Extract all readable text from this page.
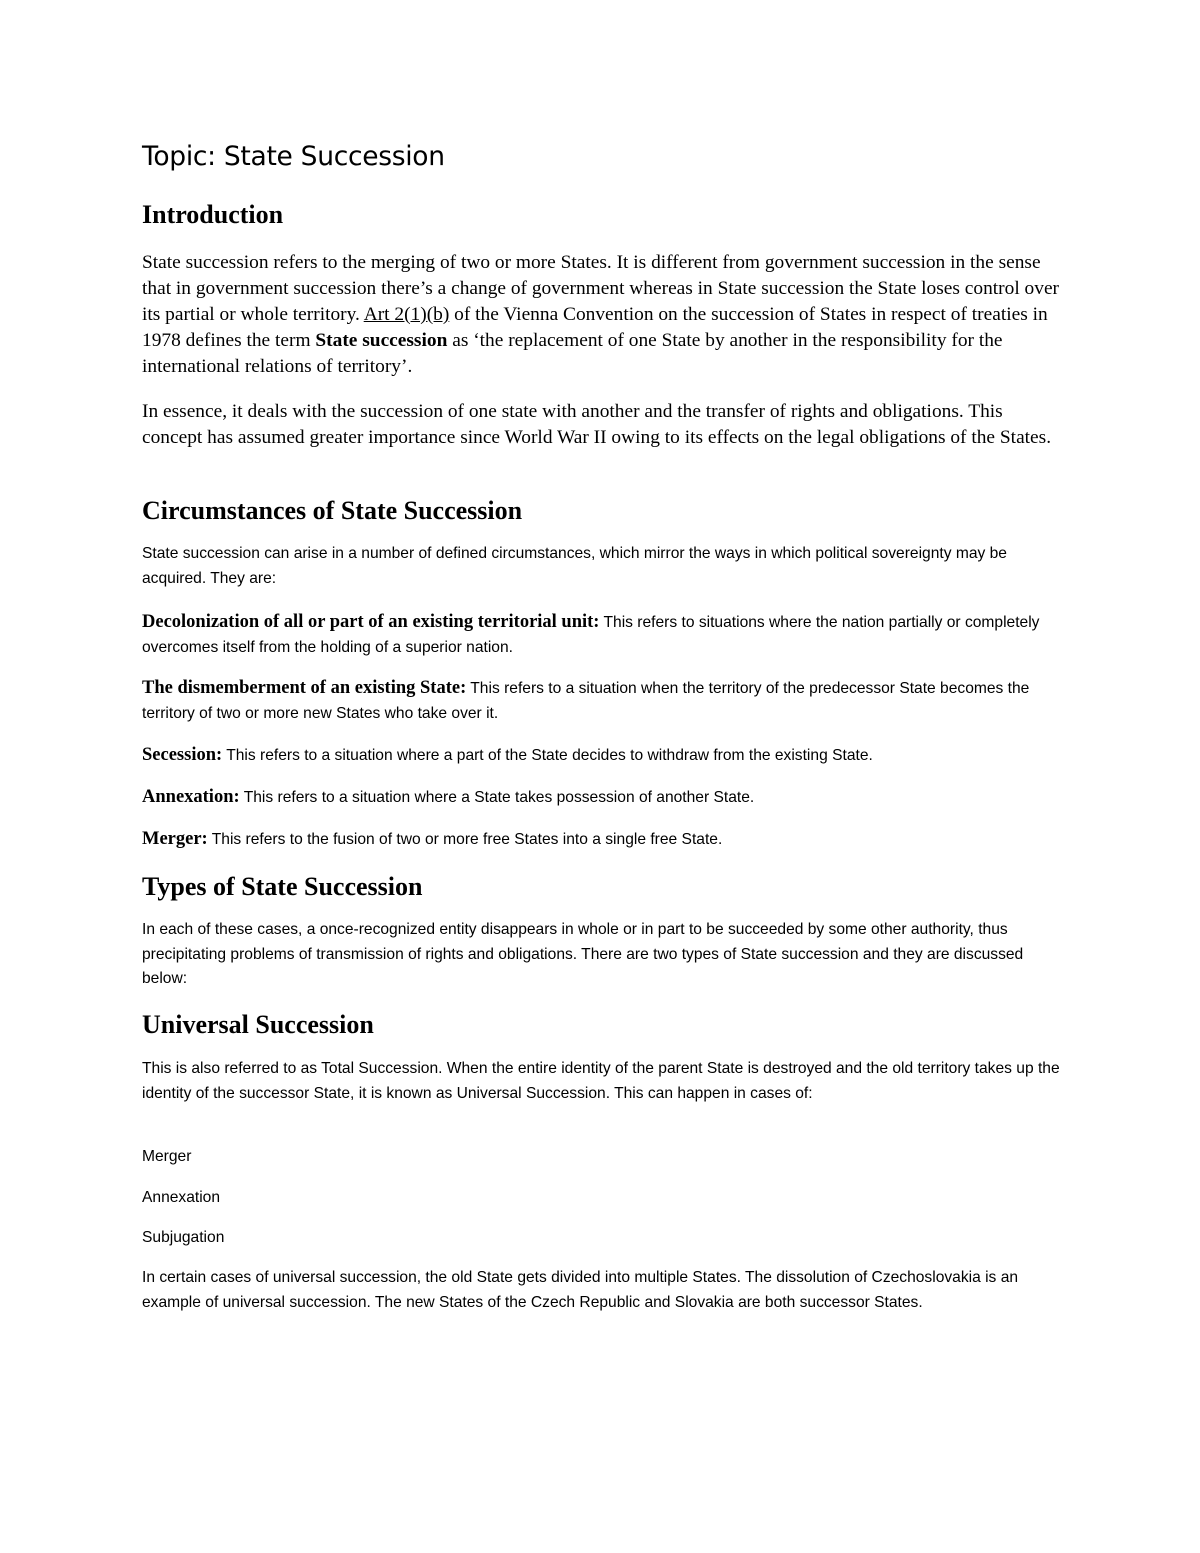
Topic: State Succession
Introduction

State succession refers to the merging of two or more States. It is different from government succession in the sense that in government succession there’s a change of government whereas in State succession the State loses control over its partial or whole territory. Art 2(1)(b) of the Vienna Convention on the succession of States in respect of treaties in 1978 defines the term State succession as ‘the replacement of one State by another in the responsibility for the international relations of territory’.

In essence, it deals with the succession of one state with another and the transfer of rights and obligations. This concept has assumed greater importance since World War II owing to its effects on the legal obligations of the States.

Circumstances of State Succession

State succession can arise in a number of defined circumstances, which mirror the ways in which political sovereignty may be acquired. They are:

Decolonization of all or part of an existing territorial unit: This refers to situations where the nation partially or completely overcomes itself from the holding of a superior nation.

The dismemberment of an existing State: This refers to a situation when the territory of the predecessor State becomes the territory of two or more new States who take over it.

Secession: This refers to a situation where a part of the State decides to withdraw from the existing State.

Annexation: This refers to a situation where a State takes possession of another State.

Merger: This refers to the fusion of two or more free States into a single free State.

Types of State Succession

In each of these cases, a once-recognized entity disappears in whole or in part to be succeeded by some other authority, thus precipitating problems of transmission of rights and obligations. There are two types of State succession and they are discussed below:

Universal Succession

This is also referred to as Total Succession. When the entire identity of the parent State is destroyed and the old territory takes up the identity of the successor State, it is known as Universal Succession. This can happen in cases of:

Merger

Annexation

Subjugation

In certain cases of universal succession, the old State gets divided into multiple States. The dissolution of Czechoslovakia is an example of universal succession. The new States of the Czech Republic and Slovakia are both successor States.
